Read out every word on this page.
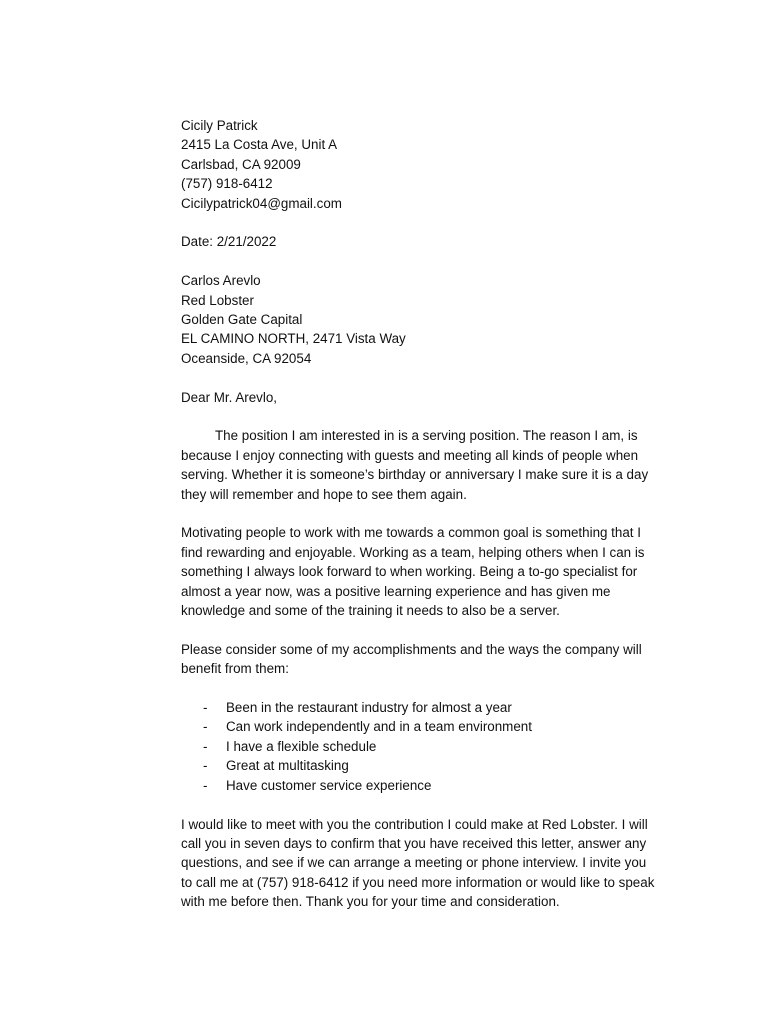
Cicily Patrick
2415 La Costa Ave, Unit A
Carlsbad, CA 92009
(757) 918-6412
Cicilypatrick04@gmail.com
Date: 2/21/2022
Carlos Arevlo
Red Lobster
Golden Gate Capital
EL CAMINO NORTH, 2471 Vista Way
Oceanside, CA 92054
Dear Mr. Arevlo,

The position I am interested in is a serving position. The reason I am, is because I enjoy connecting with guests and meeting all kinds of people when serving. Whether it is someone’s birthday or anniversary I make sure it is a day they will remember and hope to see them again.

Motivating people to work with me towards a common goal is something that I find rewarding and enjoyable. Working as a team, helping others when I can is something I always look forward to when working. Being a to-go specialist for almost a year now, was a positive learning experience and has given me knowledge and some of the training it needs to also be a server.

Please consider some of my accomplishments and the ways the company will benefit from them:

- Been in the restaurant industry for almost a year
- Can work independently and in a team environment
- I have a flexible schedule
- Great at multitasking
- Have customer service experience

I would like to meet with you the contribution I could make at Red Lobster. I will call you in seven days to confirm that you have received this letter, answer any questions, and see if we can arrange a meeting or phone interview. I invite you to call me at (757) 918-6412 if you need more information or would like to speak with me before then. Thank you for your time and consideration.
